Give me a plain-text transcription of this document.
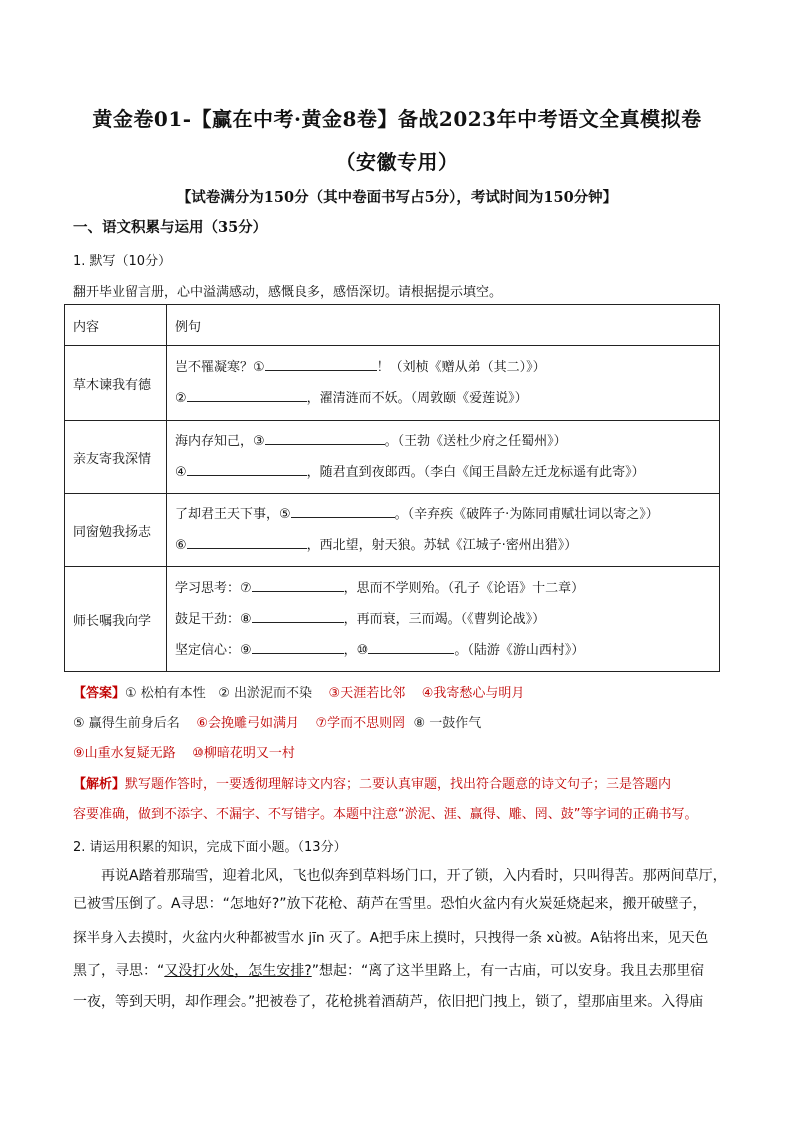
黄金卷01-【赢在中考·黄金8卷】备战2023年中考语文全真模拟卷
（安徽专用）
【试卷满分为150分（其中卷面书写占5分），考试时间为150分钟】
一、语文积累与运用（35分）
1. 默写（10分）
翻开毕业留言册，心中溢满感动，感慨良多，感悟深切。请根据提示填空。
内容	例句
草木谏我有德	岂不罹凝寒？① ！（刘桢《赠从弟（其二）》）
② ，濯清涟而不妖。（周敦颐《爱莲说》）

亲友寄我深情	海内存知己，③ 。（王勃《送杜少府之任蜀州》）
④ ，随君直到夜郎西。（李白《闻王昌龄左迁龙标遥有此寄》）

同窗勉我扬志	了却君王天下事，⑤ 。（辛弃疾《破阵子·为陈同甫赋壮词以寄之》）
⑥ ，西北望，射天狼。苏轼《江城子·密州出猎》）

师长嘱我向学	学习思考：⑦ ，思而不学则殆。（孔子《论语》十二章）
鼓足干劲：⑧ ，再而衰，三而竭。（《曹刿论战》）
坚定信心：⑨ ，⑩ 。（陆游《游山西村》）
【答案】① 松柏有本性 ② 出淤泥而不染 ③天涯若比邻 ④我寄愁心与明月
⑤ 赢得生前身后名 ⑥会挽雕弓如满月 ⑦学而不思则罔 ⑧ 一鼓作气
⑨山重水复疑无路 ⑩柳暗花明又一村
【解析】默写题作答时，一要透彻理解诗文内容；二要认真审题，找出符合题意的诗文句子；三是答题内
容要准确，做到不添字、不漏字、不写错字。本题中注意“淤泥、涯、赢得、雕、罔、鼓”等字词的正确书写。
2. 请运用积累的知识，完成下面小题。（13分）
再说A踏着那瑞雪，迎着北风，飞也似奔到草料场门口，开了锁，入内看时，只叫得苦。那两间草厅，
已被雪压倒了。A寻思：“怎地好?”放下花枪、葫芦在雪里。恐怕火盆内有火炭延烧起来，搬开破壁子，
探半身入去摸时，火盆内火种都被雪水 jīn 灭了。A把手床上摸时，只拽得一条 xù被。A钻将出来，见天色
黑了，寻思：“又没打火处，怎生安排?”想起：“离了这半里路上，有一古庙，可以安身。我且去那里宿
一夜，等到天明，却作理会。”把被卷了，花枪挑着酒葫芦，依旧把门拽上，锁了，望那庙里来。入得庙
